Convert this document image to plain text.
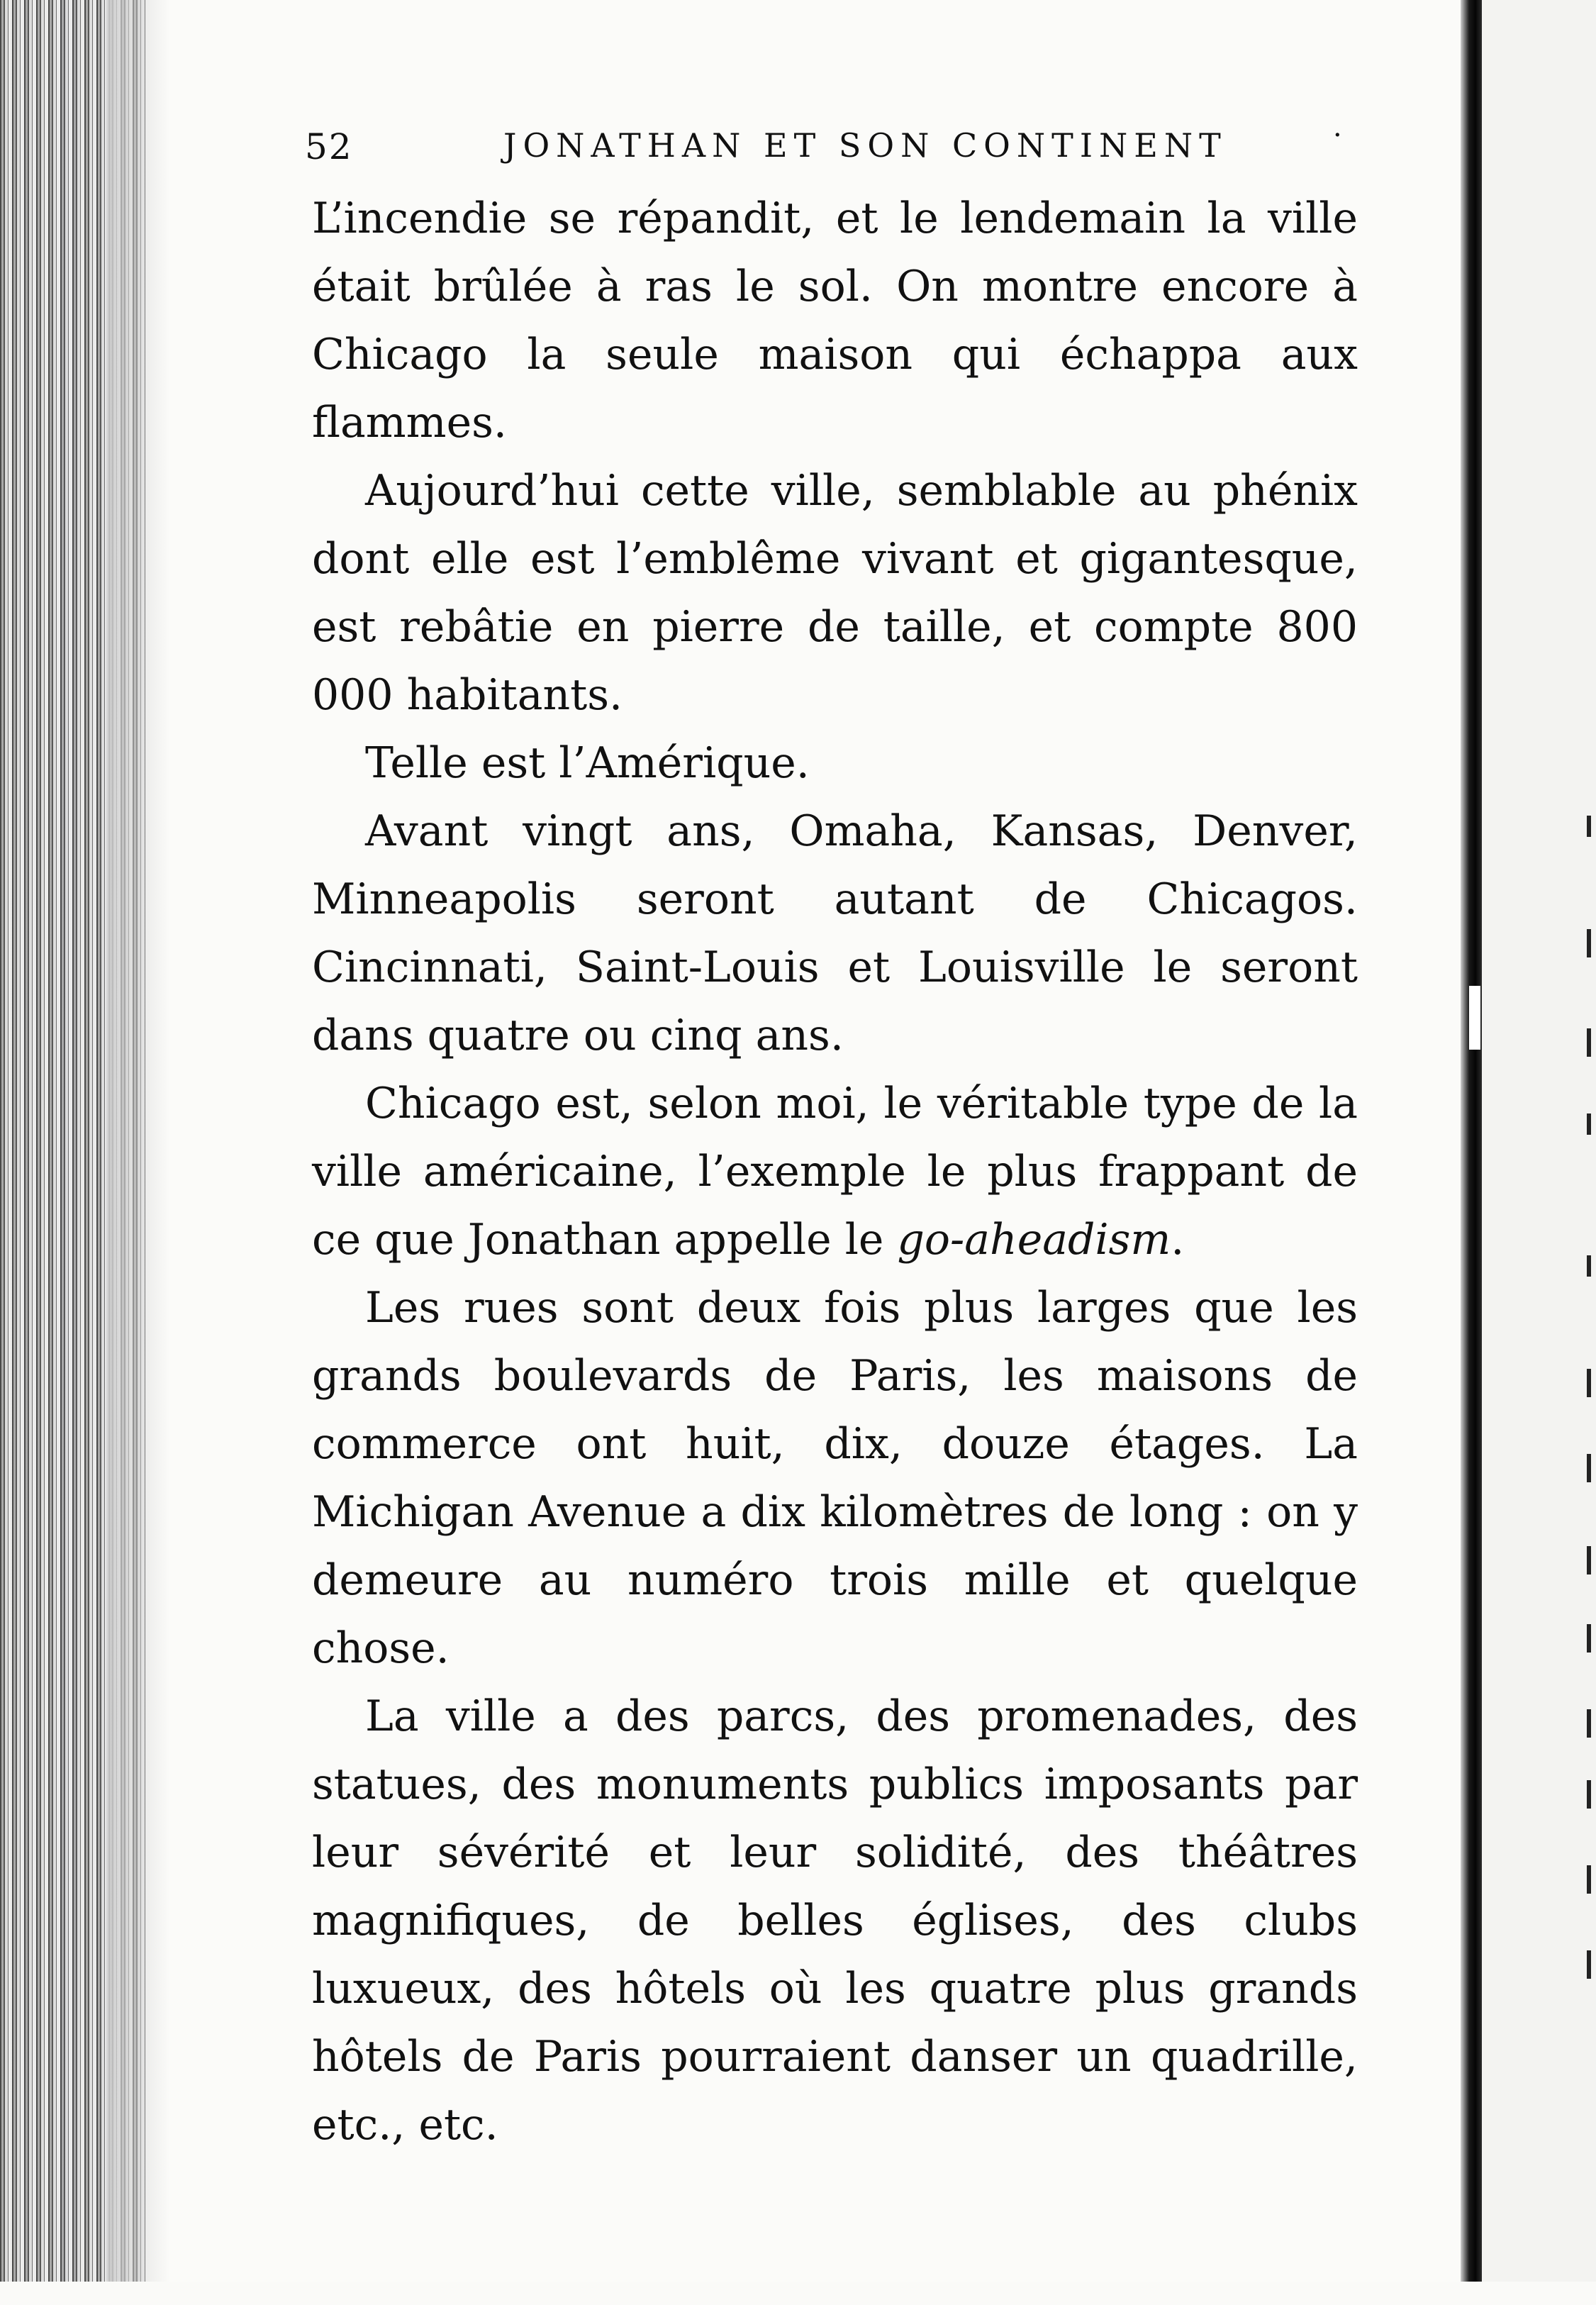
52	JONATHAN ET SON CONTINENT	·

L’incendie se répandit, et le lendemain la ville était brûlée à ras le sol. On montre encore à Chicago la seule maison qui échappa aux flammes.

Aujourd’hui cette ville, semblable au phénix dont elle est l’emblême vivant et gigantesque, est rebâtie en pierre de taille, et compte 800 000 habitants.

Telle est l’Amérique.

Avant vingt ans, Omaha, Kansas, Denver, Minneapolis seront autant de Chicagos. Cincinnati, Saint-Louis et Louisville le seront dans quatre ou cinq ans.

Chicago est, selon moi, le véritable type de la ville américaine, l’exemple le plus frappant de ce que Jonathan appelle le go-aheadism.

Les rues sont deux fois plus larges que les grands boulevards de Paris, les maisons de commerce ont huit, dix, douze étages. La Michigan Avenue a dix kilomètres de long : on y demeure au numéro trois mille et quelque chose.

La ville a des parcs, des promenades, des statues, des monuments publics imposants par leur sévérité et leur solidité, des théâtres magnifiques, de belles églises, des clubs luxueux, des hôtels où les quatre plus grands hôtels de Paris pourraient danser un quadrille, etc., etc.
